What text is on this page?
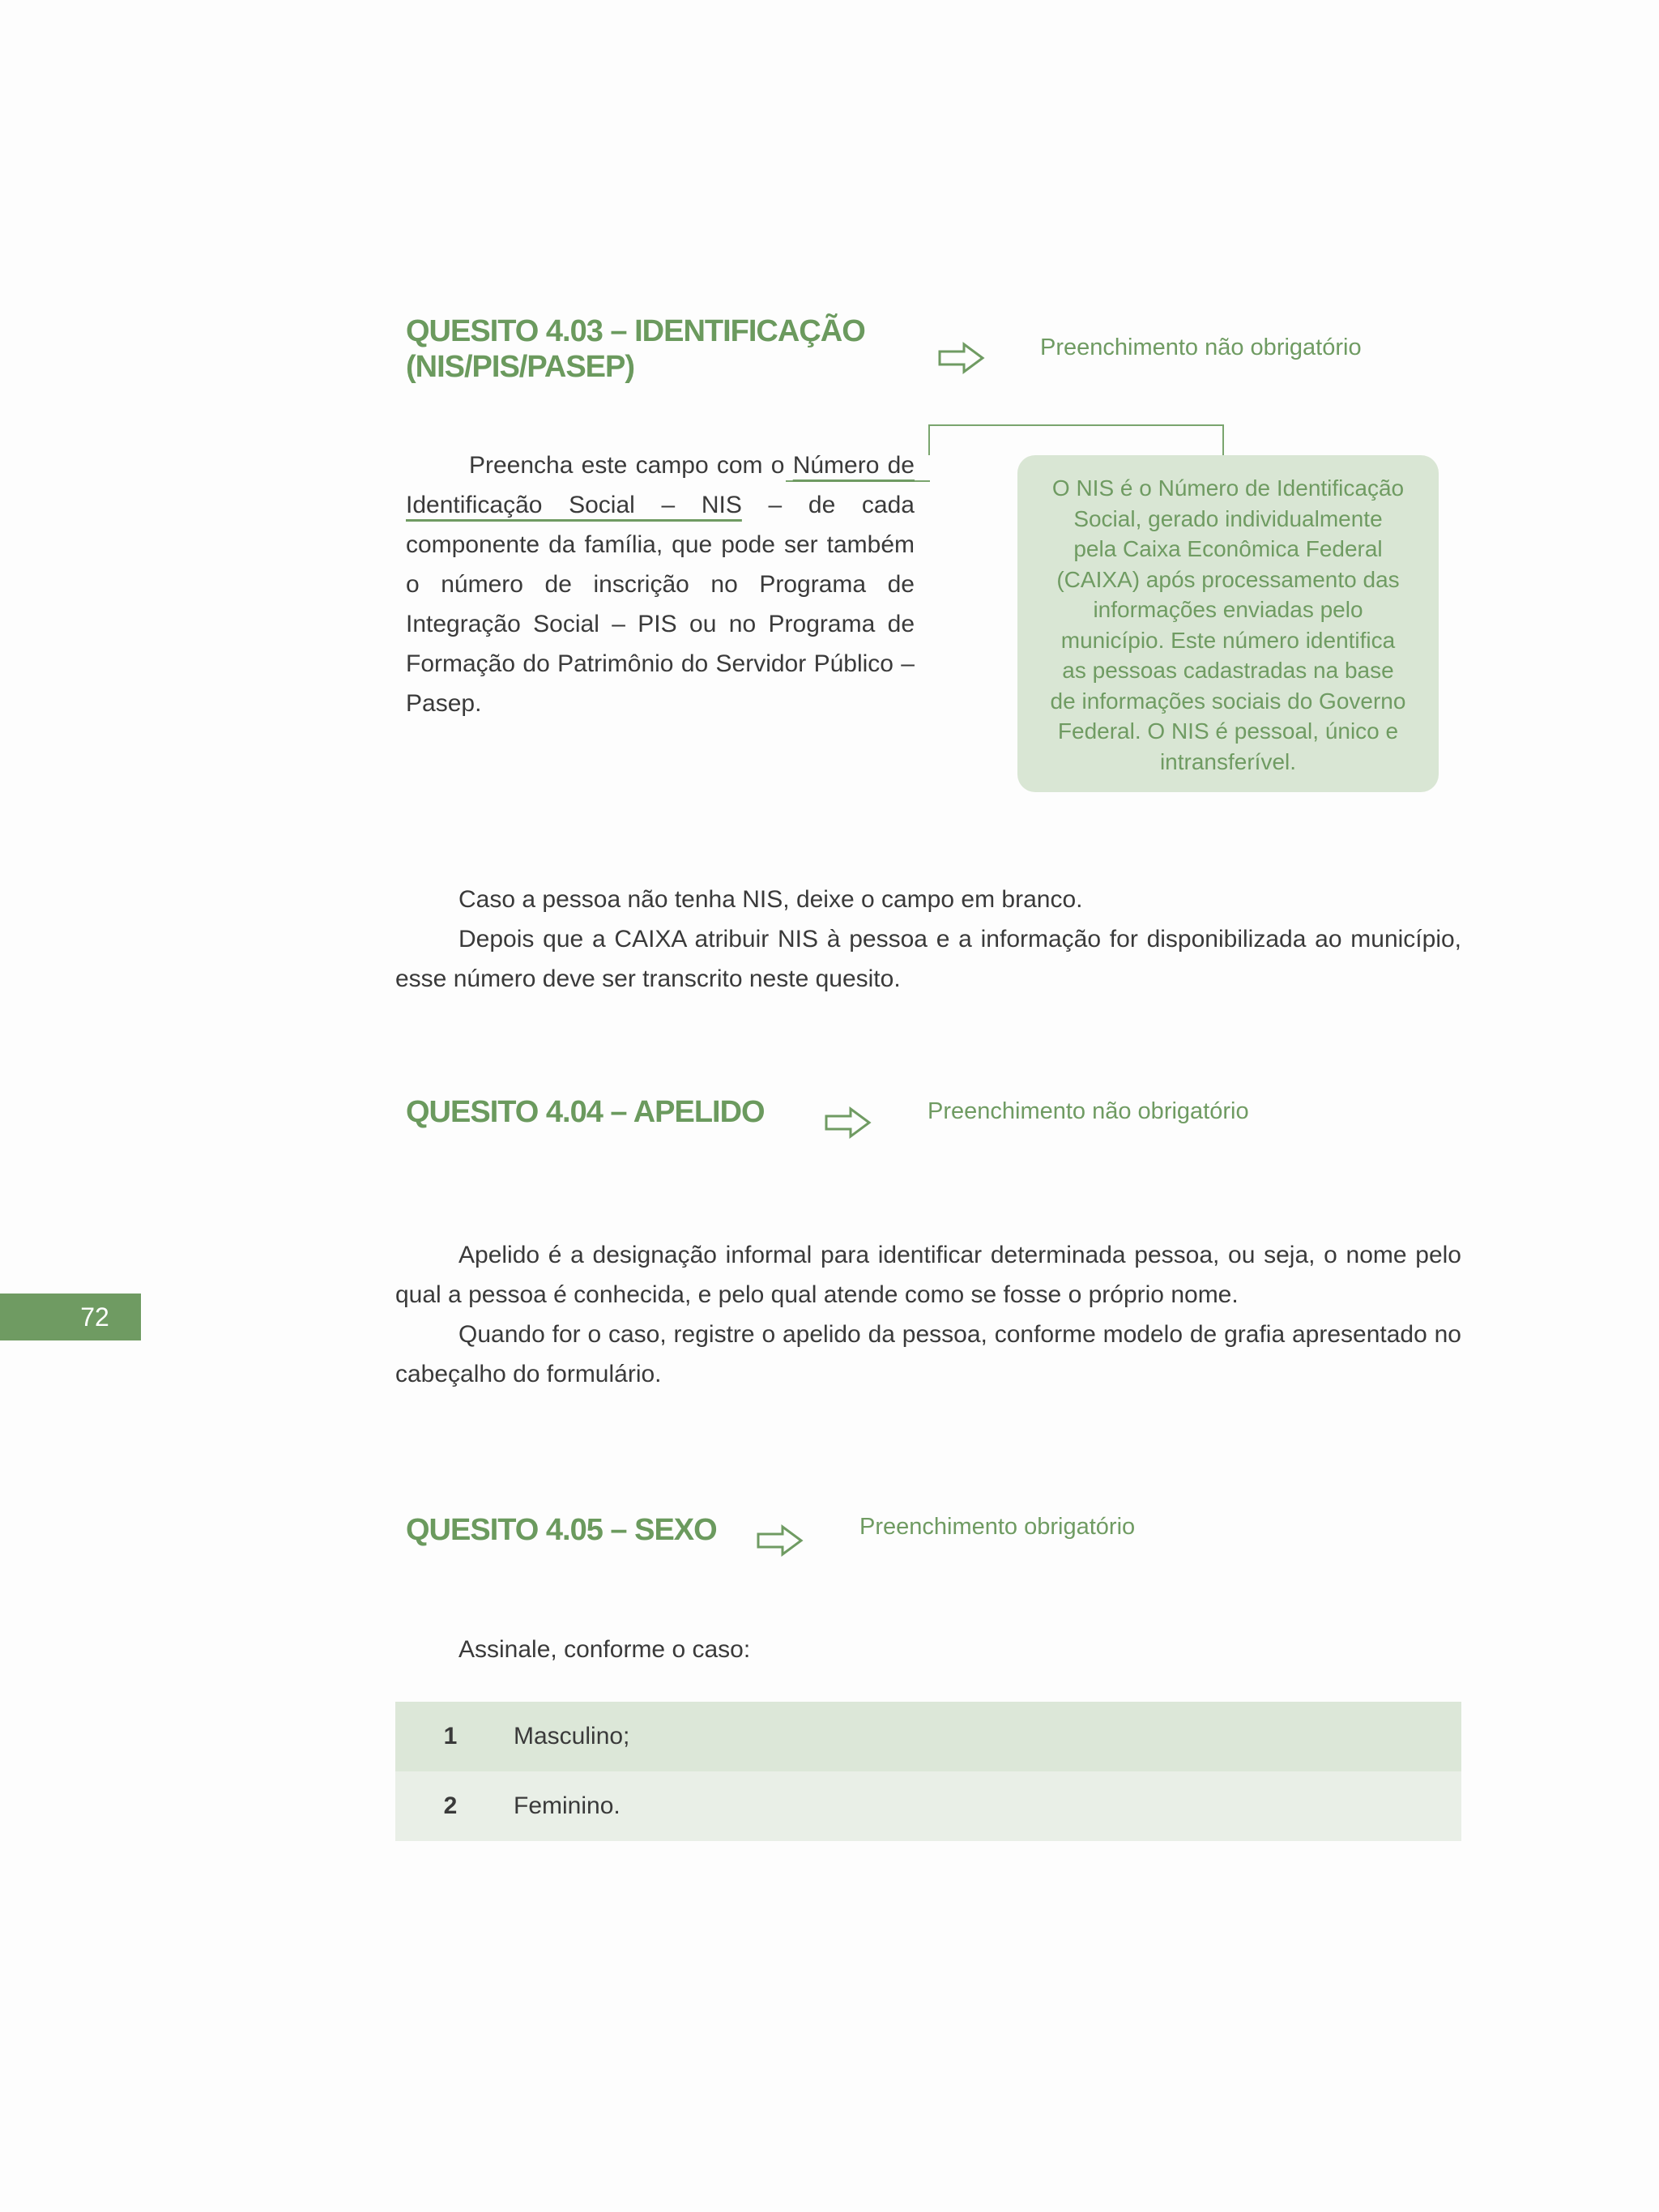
QUESITO 4.03 – IDENTIFICAÇÃO
(NIS/PIS/PASEP)
Preenchimento não obrigatório

Preencha este campo com o Número de Identificação Social – NIS – de cada componente da família, que pode ser também o número de inscrição no Programa de Integração Social – PIS ou no Programa de Formação do Patrimônio do Servidor Público – Pasep.

O NIS é o Número de Identificação Social, gerado individualmente pela Caixa Econômica Federal (CAIXA) após processamento das informações enviadas pelo município. Este número identifica as pessoas cadastradas na base de informações sociais do Governo Federal. O NIS é pessoal, único e intransferível.

Caso a pessoa não tenha NIS, deixe o campo em branco.

Depois que a CAIXA atribuir NIS à pessoa e a informação for disponibilizada ao município, esse número deve ser transcrito neste quesito.

QUESITO 4.04 – APELIDO	Preenchimento não obrigatório

Apelido é a designação informal para identificar determinada pessoa, ou seja, o nome pelo qual a pessoa é conhecida, e pelo qual atende como se fosse o próprio nome.

Quando for o caso, registre o apelido da pessoa, conforme modelo de grafia apresentado no cabeçalho do formulário.

72
QUESITO 4.05 – SEXO	Preenchimento obrigatório

Assinale, conforme o caso:

1	Masculino;
2	Feminino.
